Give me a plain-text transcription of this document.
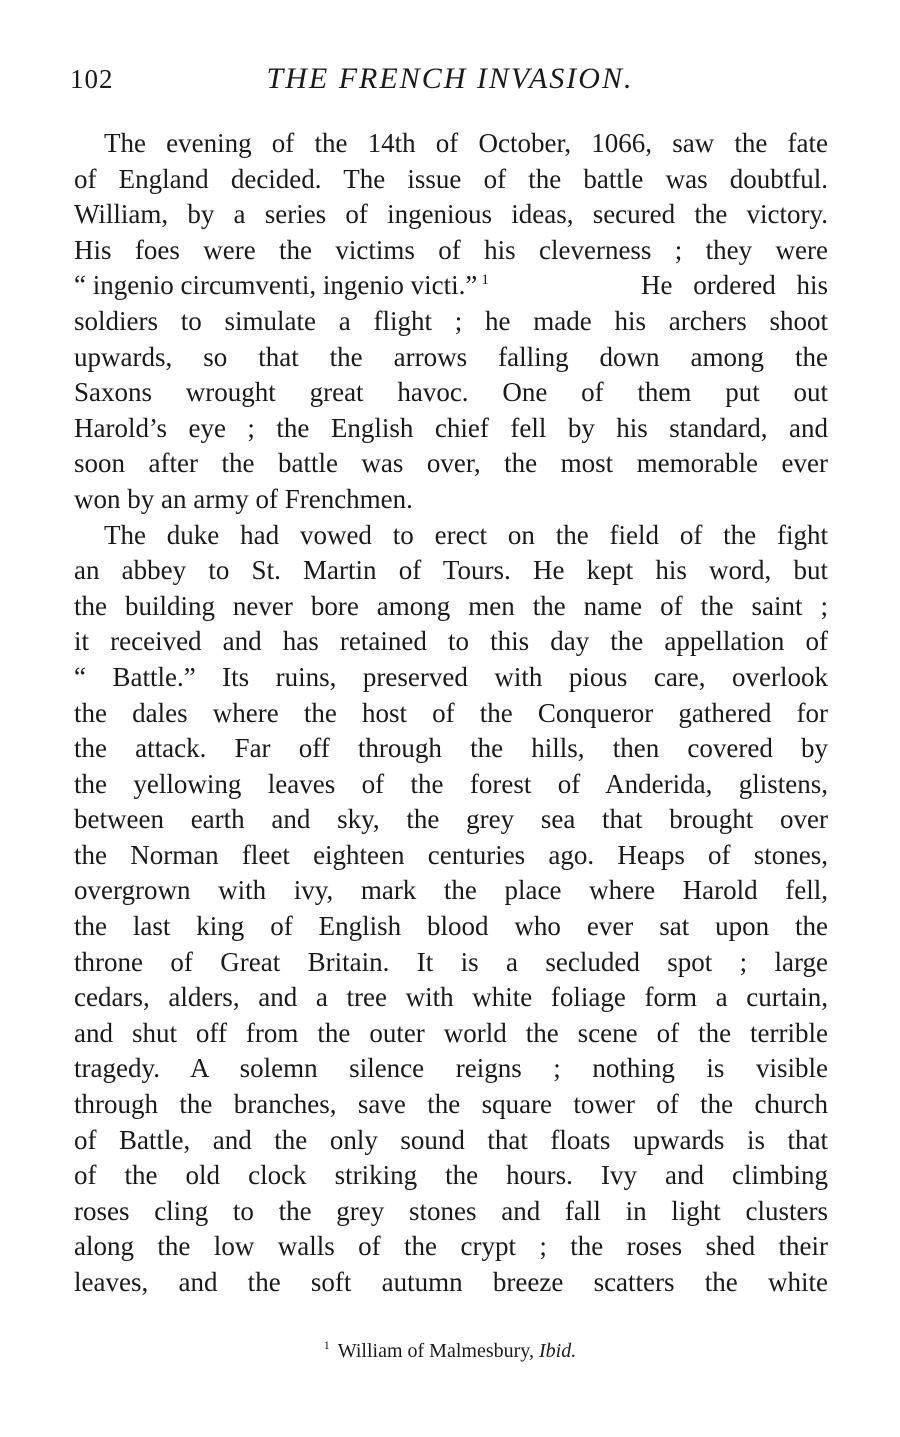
102	THE FRENCH INVASION.
The evening of the 14th of October, 1066, saw the fate
of England decided. The issue of the battle was doubtful.
William, by a series of ingenious ideas, secured the victory.
His foes were the victims of his cleverness ; they were
“ ingenio circumventi, ingenio victi.” $^1$	He ordered his
soldiers to simulate a flight ; he made his archers shoot
upwards, so that the arrows falling down among the
Saxons wrought great havoc. One of them put out
Harold’s eye ; the English chief fell by his standard, and
soon after the battle was over, the most memorable ever
won by an army of Frenchmen.
The duke had vowed to erect on the field of the fight
an abbey to St. Martin of Tours. He kept his word, but
the building never bore among men the name of the saint ;
it received and has retained to this day the appellation of
“ Battle.” Its ruins, preserved with pious care, overlook
the dales where the host of the Conqueror gathered for
the attack. Far off through the hills, then covered by
the yellowing leaves of the forest of Anderida, glistens,
between earth and sky, the grey sea that brought over
the Norman fleet eighteen centuries ago. Heaps of stones,
overgrown with ivy, mark the place where Harold fell,
the last king of English blood who ever sat upon the
throne of Great Britain. It is a secluded spot ; large
cedars, alders, and a tree with white foliage form a curtain,
and shut off from the outer world the scene of the terrible
tragedy. A solemn silence reigns ; nothing is visible
through the branches, save the square tower of the church
of Battle, and the only sound that floats upwards is that
of the old clock striking the hours. Ivy and climbing
roses cling to the grey stones and fall in light clusters
along the low walls of the crypt ; the roses shed their
leaves, and the soft autumn breeze scatters the white
$^1$ William of Malmesbury, Ibid.
